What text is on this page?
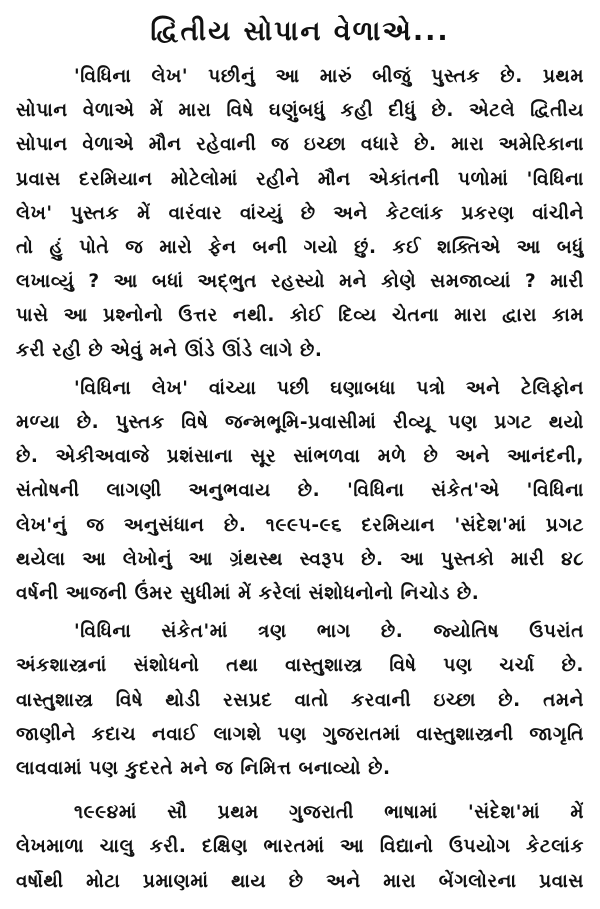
દ્વિતીય સોપાન વેળાએ...
'વિધિના લેખ' પછીનું આ મારું બીજું પુસ્તક છે. પ્રથમ
સોપાન વેળાએ મેં મારા વિષે ઘણુંબધું કહી દીધું છે. એટલે દ્વિતીય
સોપાન વેળાએ મૌન રહેવાની જ ઇચ્છા વધારે છે. મારા અમેરિકાના
પ્રવાસ દરમિયાન મોટેલોમાં રહીને મૌન એકાંતની પળોમાં 'વિધિના
લેખ' પુસ્તક મેં વારંવાર વાંચ્યું છે અને કેટલાંક પ્રકરણ વાંચીને
તો હું પોતે જ મારો ફેન બની ગયો છું. કઈ શક્તિએ આ બધું
લખાવ્યું ? આ બધાં અદ્‌ભુત રહસ્યો મને કોણે સમજાવ્યાં ? મારી
પાસે આ પ્રશ્નોનો ઉત્તર નથી. કોઈ દિવ્ય ચેતના મારા દ્વારા કામ
કરી રહી છે એવું મને ઊંડે ઊંડે લાગે છે.
'વિધિના લેખ' વાંચ્યા પછી ઘણાબધા પત્રો અને ટેલિફોન
મળ્યા છે. પુસ્તક વિષે જન્મભૂમિ-પ્રવાસીમાં રીવ્યૂ પણ પ્રગટ થયો
છે. એકીઅવાજે પ્રશંસાના સૂર સાંભળવા મળે છે અને આનંદની,
સંતોષની લાગણી અનુભવાય છે. 'વિધિના સંકેત'એ 'વિધિના
લેખ'નું જ અનુસંધાન છે. ૧૯૯૫-૯૬ દરમિયાન 'સંદેશ'માં પ્રગટ
થયેલા આ લેખોનું આ ગ્રંથસ્થ સ્વરૂપ છે. આ પુસ્તકો મારી ૪૮
વર્ષની આજની ઉંમર સુધીમાં મેં કરેલાં સંશોધનોનો નિચોડ છે.
'વિધિના સંકેત'માં ત્રણ ભાગ છે. જ્યોતિષ ઉપરાંત
અંકશાસ્ત્રનાં સંશોધનો તથા વાસ્તુશાસ્ત્ર વિષે પણ ચર્ચા છે.
વાસ્તુશાસ્ત્ર વિષે થોડી રસપ્રદ વાતો કરવાની ઇચ્છા છે. તમને
જાણીને કદાચ નવાઈ લાગશે પણ ગુજરાતમાં વાસ્તુશાસ્ત્રની જાગૃતિ
લાવવામાં પણ કુદરતે મને જ નિમિત્ત બનાવ્યો છે.
૧૯૯૪માં સૌ પ્રથમ ગુજરાતી ભાષામાં 'સંદેશ'માં મેં
લેખમાળા ચાલુ કરી. દક્ષિણ ભારતમાં આ વિદ્યાનો ઉપયોગ કેટલાંક
વર્ષોથી મોટા પ્રમાણમાં થાય છે અને મારા બેંગલોરના પ્રવાસ
